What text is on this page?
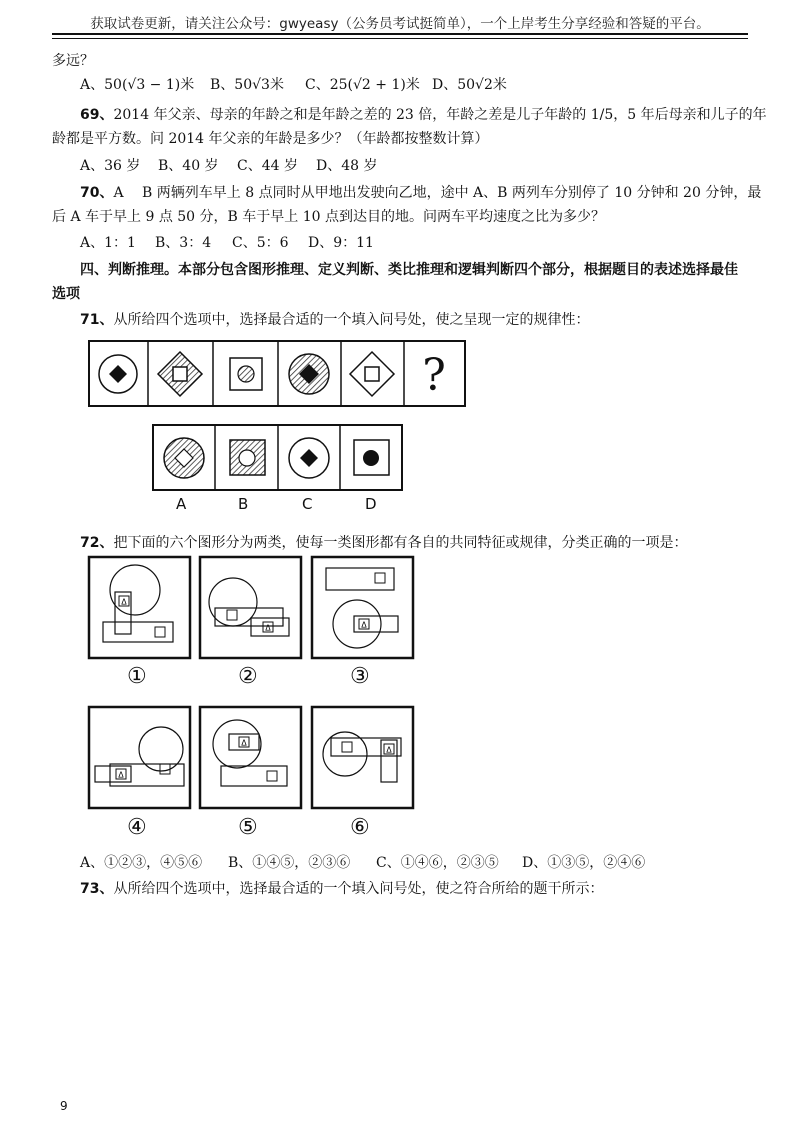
获取试卷更新，请关注公众号：gwyeasy（公务员考试挺简单），一个上岸考生分享经验和答疑的平台。
多远？
A、50(√3 − 1)米 B、50√3米 C、25(√2 + 1)米 D、50√2米
69、2014 年父亲、母亲的年龄之和是年龄之差的 23 倍，年龄之差是儿子年龄的 1/5，5 年后母亲和儿子的年
龄都是平方数。问 2014 年父亲的年龄是多少？（年龄都按整数计算）
A、36 岁 B、40 岁 C、44 岁 D、48 岁
70、A　 B 两辆列车早上 8 点同时从甲地出发驶向乙地，途中 A、B 两列车分别停了 10 分钟和 20 分钟，最
后 A 车于早上 9 点 50 分，B 车于早上 10 点到达目的地。问两车平均速度之比为多少？
A、1：1 B、3：4 C、5：6 D、9：11
四、判断推理。本部分包含图形推理、定义判断、类比推理和逻辑判断四个部分，根据题目的表述选择最佳
选项
71、从所给四个选项中，选择最合适的一个填入问号处，使之呈现一定的规律性：
?
A	B	C	D
72、把下面的六个图形分为两类，使每一类图形都有各自的共同特征或规律，分类正确的一项是：
Δ
①
Δ
②
Δ
③
Δ
④
Δ
⑤
Δ
⑥
A、①②③，④⑤⑥ B、①④⑤，②③⑥ C、①④⑥，②③⑤ D、①③⑤，②④⑥
73、从所给四个选项中，选择最合适的一个填入问号处，使之符合所给的题干所示：
9
